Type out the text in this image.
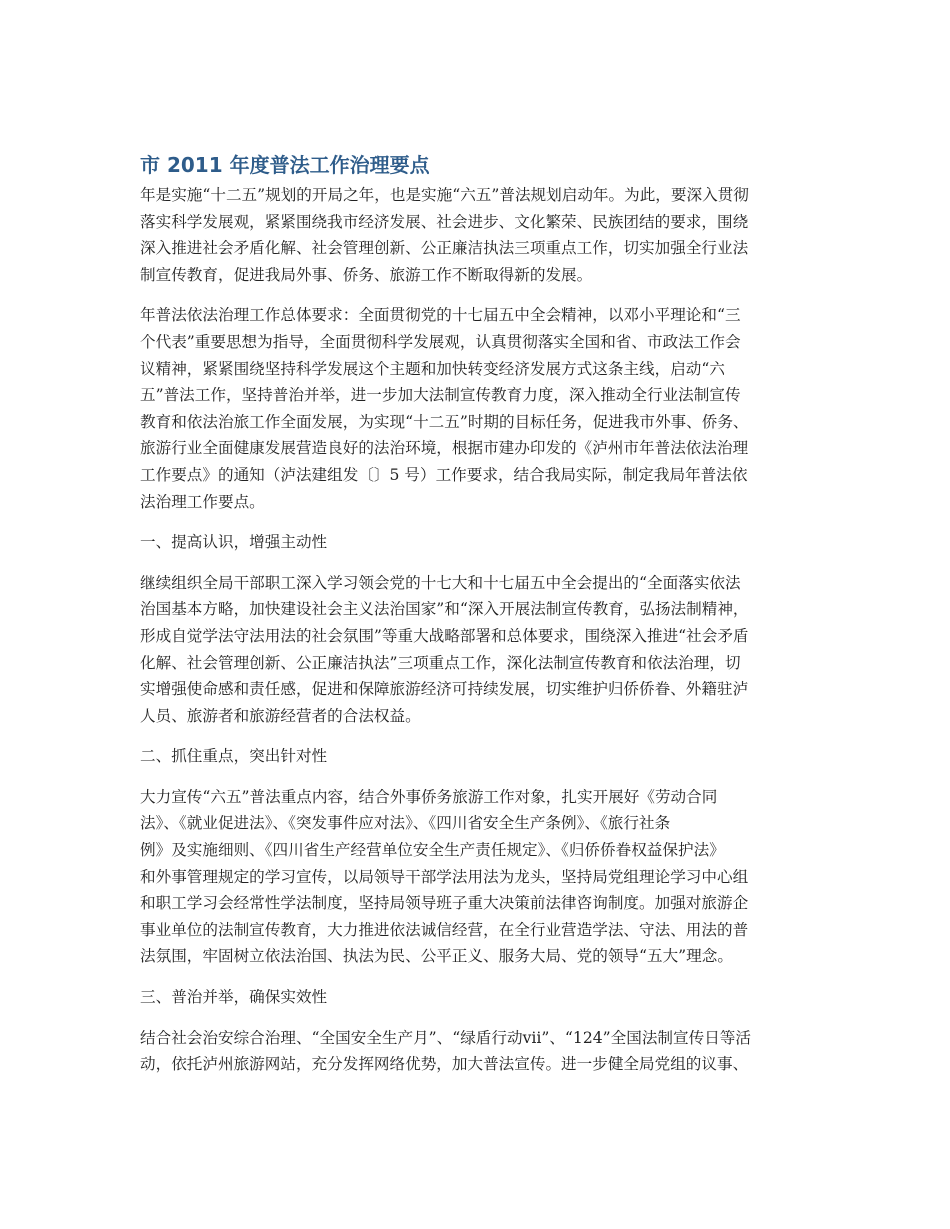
市 2011 年度普法工作治理要点
年是实施“十二五”规划的开局之年，也是实施“六五”普法规划启动年。为此，要深入贯彻
落实科学发展观，紧紧围绕我市经济发展、社会进步、文化繁荣、民族团结的要求，围绕
深入推进社会矛盾化解、社会管理创新、公正廉洁执法三项重点工作，切实加强全行业法
制宣传教育，促进我局外事、侨务、旅游工作不断取得新的发展。
年普法依法治理工作总体要求：全面贯彻党的十七届五中全会精神，以邓小平理论和“三
个代表”重要思想为指导，全面贯彻科学发展观，认真贯彻落实全国和省、市政法工作会
议精神，紧紧围绕坚持科学发展这个主题和加快转变经济发展方式这条主线，启动“六
五”普法工作，坚持普治并举，进一步加大法制宣传教育力度，深入推动全行业法制宣传
教育和依法治旅工作全面发展，为实现“十二五”时期的目标任务，促进我市外事、侨务、
旅游行业全面健康发展营造良好的法治环境，根据市建办印发的《泸州市年普法依法治理
工作要点》的通知（泸法建组发〔〕5 号）工作要求，结合我局实际，制定我局年普法依
法治理工作要点。
一、提高认识，增强主动性
继续组织全局干部职工深入学习领会党的十七大和十七届五中全会提出的“全面落实依法
治国基本方略，加快建设社会主义法治国家”和“深入开展法制宣传教育，弘扬法制精神，
形成自觉学法守法用法的社会氛围”等重大战略部署和总体要求，围绕深入推进“社会矛盾
化解、社会管理创新、公正廉洁执法”三项重点工作，深化法制宣传教育和依法治理，切
实增强使命感和责任感，促进和保障旅游经济可持续发展，切实维护归侨侨眷、外籍驻泸
人员、旅游者和旅游经营者的合法权益。
二、抓住重点，突出针对性
大力宣传“六五”普法重点内容，结合外事侨务旅游工作对象，扎实开展好《劳动合同
法》、《就业促进法》、《突发事件应对法》、《四川省安全生产条例》、《旅行社条
例》及实施细则、《四川省生产经营单位安全生产责任规定》、《归侨侨眷权益保护法》
和外事管理规定的学习宣传，以局领导干部学法用法为龙头，坚持局党组理论学习中心组
和职工学习会经常性学法制度，坚持局领导班子重大决策前法律咨询制度。加强对旅游企
事业单位的法制宣传教育，大力推进依法诚信经营，在全行业营造学法、守法、用法的普
法氛围，牢固树立依法治国、执法为民、公平正义、服务大局、党的领导“五大”理念。
三、普治并举，确保实效性
结合社会治安综合治理、“全国安全生产月”、“绿盾行动ⅶ”、“124”全国法制宣传日等活
动，依托泸州旅游网站，充分发挥网络优势，加大普法宣传。进一步健全局党组的议事、
